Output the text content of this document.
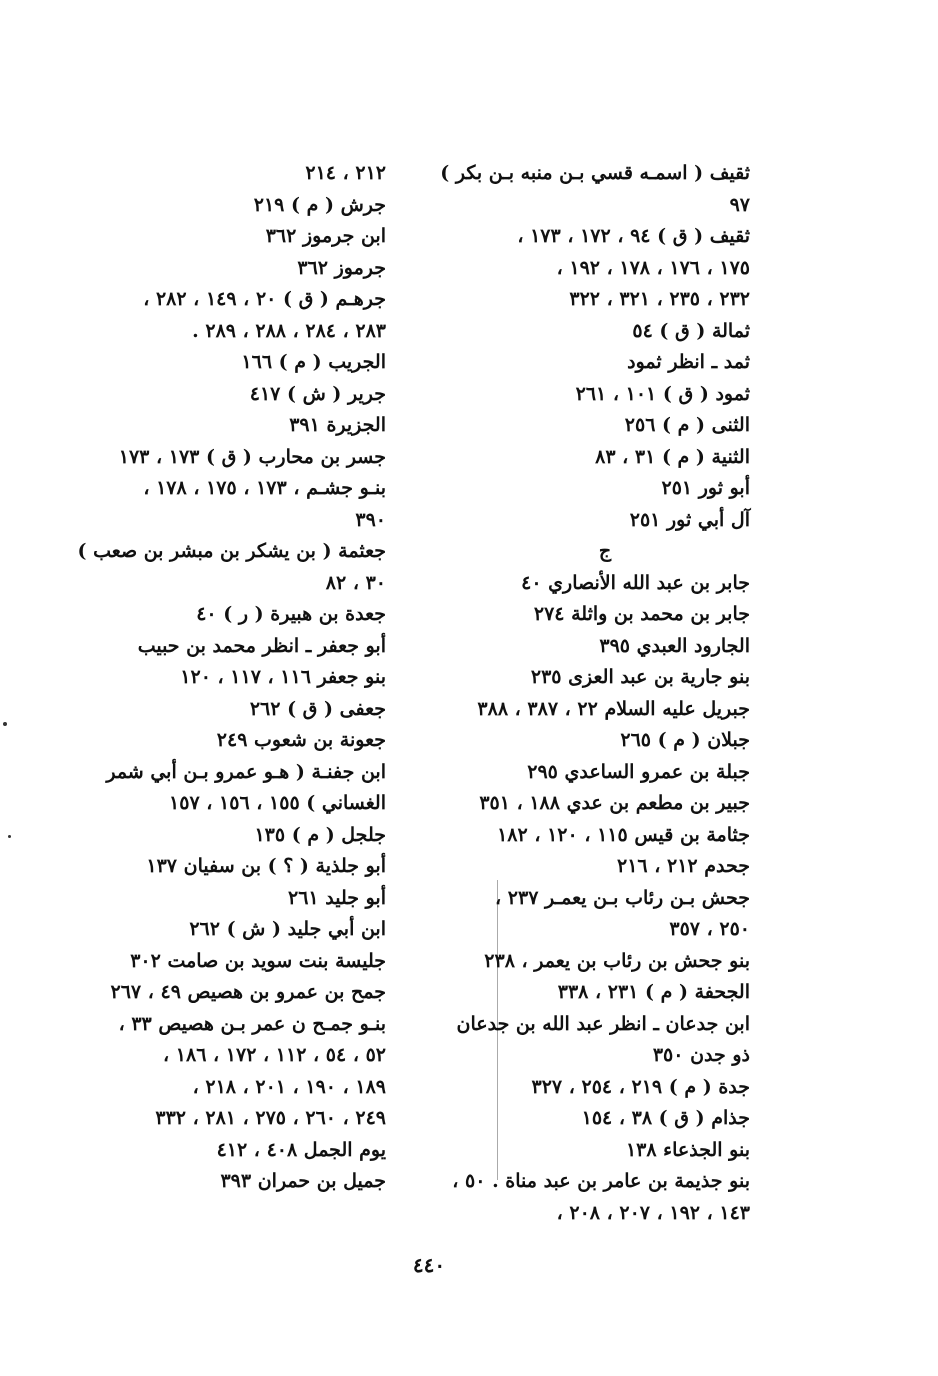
ثقيف ( اسمـه قسي بـن منبه بـن بكر )
٩٧
ثقيف ( ق ) ٩٤ ، ١٧٢ ، ١٧٣ ،
١٧٥ ، ١٧٦ ، ١٧٨ ، ١٩٢ ،
٢٣٢ ، ٢٣٥ ، ٣٢١ ، ٣٢٢
ثمالة ( ق ) ٥٤
ثمد ـ انظر ثمود
ثمود ( ق ) ١٠١ ، ٢٦١
الثنى ( م ) ٢٥٦
الثنية ( م ) ٣١ ، ٨٣
أبو ثور ٢٥١
آل أبي ثور ٢٥١
ج
جابر بن عبد الله الأنصاري ٤٠
جابر بن محمد بن واثلة ٢٧٤
الجارود العبدي ٣٩٥
بنو جارية بن عبد العزى ٢٣٥
جبريل عليه السلام ٢٢ ، ٣٨٧ ، ٣٨٨
جبلان ( م ) ٢٦٥
جبلة بن عمرو الساعدي ٢٩٥
جبير بن مطعم بن عدي ١٨٨ ، ٣٥١
جثامة بن قيس ١١٥ ، ١٢٠ ، ١٨٢
جحدم ٢١٢ ، ٢١٦
جحش بـن رئاب بـن يعمـر ٢٣٧ ،
٢٥٠ ، ٣٥٧
بنو جحش بن رئاب بن يعمر ، ٢٣٨
الجحفة ( م ) ٢٣١ ، ٣٣٨
ابن جدعان ـ انظر عبد الله بن جدعان
ذو جدن ٣٥٠
جدة ( م ) ٢١٩ ، ٢٥٤ ، ٣٢٧
جذام ( ق ) ٣٨ ، ١٥٤
بنو الجذعاء ١٣٨
بنو جذيمة بن عامر بن عبد مناة . ٥٠ ،
١٤٣ ، ١٩٢ ، ٢٠٧ ، ٢٠٨ ،
٢١٢ ، ٢١٤
جرش ( م ) ٢١٩
ابن جرموز ٣٦٢
جرموز ٣٦٢
جرهـم ( ق ) ٢٠ ، ١٤٩ ، ٢٨٢ ،
٢٨٣ ، ٢٨٤ ، ٢٨٨ ، ٢٨٩ .
الجريب ( م ) ١٦٦
جرير ( ش ) ٤١٧
الجزيرة ٣٩١
جسر بن محارب ( ق ) ١٧٣ ، ١٧٣
بنـو جشـم ، ١٧٣ ، ١٧٥ ، ١٧٨ ،
٣٩٠
جعثمة ( بن يشكر بن مبشر بن صعب )
٣٠ ، ٨٢
جعدة بن هبيرة ( ر ) ٤٠
أبو جعفر ـ انظر محمد بن حبيب
بنو جعفر ١١٦ ، ١١٧ ، ١٢٠
جعفى ( ق ) ٢٦٢
جعونة بن شعوب ٢٤٩
ابن جفنـة ( هـو عمرو بـن أبي شمر
الغساني ) ١٥٥ ، ١٥٦ ، ١٥٧
جلجل ( م ) ١٣٥
أبو جلذية ( ؟ ) بن سفيان ١٣٧
أبو جليد ٢٦١
ابن أبي جليد ( ش ) ٢٦٢
جليسة بنت سويد بن صامت ٣٠٢
جمح بن عمرو بن هصيص ٤٩ ، ٢٦٧
بنـو جمـح ن عمر بـن هصيص ٣٣ ،
٥٢ ، ٥٤ ، ١١٢ ، ١٧٢ ، ١٨٦ ،
١٨٩ ، ١٩٠ ، ٢٠١ ، ٢١٨ ،
٢٤٩ ، ٢٦٠ ، ٢٧٥ ، ٢٨١ ، ٣٣٢
يوم الجمل ٤٠٨ ، ٤١٢
جميل بن حمران ٣٩٣
٤٤٠
